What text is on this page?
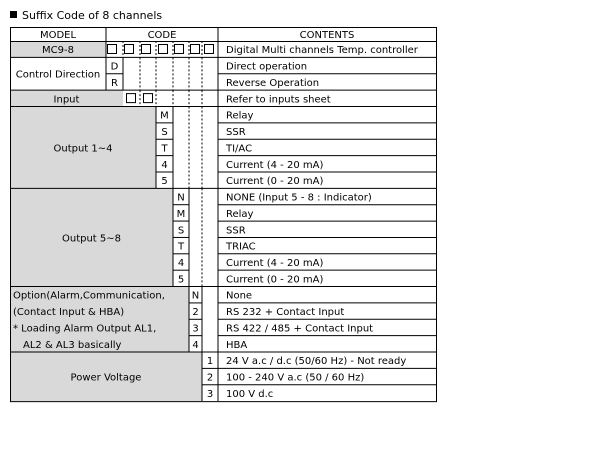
Suffix Code of 8 channels
MODEL	CODE	CONTENTS
Digital Multi channels Temp. controller
Direct operation
Reverse Operation
Refer to inputs sheet
Relay
SSR
TI/AC
Current (4 - 20 mA)
Current (0 - 20 mA)
NONE (Input 5 - 8 : Indicator)
Relay
SSR
TRIAC
Current (4 - 20 mA)
Current (0 - 20 mA)
None
RS 232 + Contact Input
RS 422 / 485 + Contact Input
HBA
24 V a.c / d.c (50/60 Hz) - Not ready
100 - 240 V a.c (50 / 60 Hz)
100 V d.c
D
R
M
S
T
4
5
N
M
S
T
4
5
N
2
3
4
1
2
3
MC9-8
Control Direction
Input
Output 1~4
Output 5~8
Option(Alarm,Communication,
(Contact Input & HBA)
* Loading Alarm Output AL1,
AL2 & AL3 basically
Power Voltage
